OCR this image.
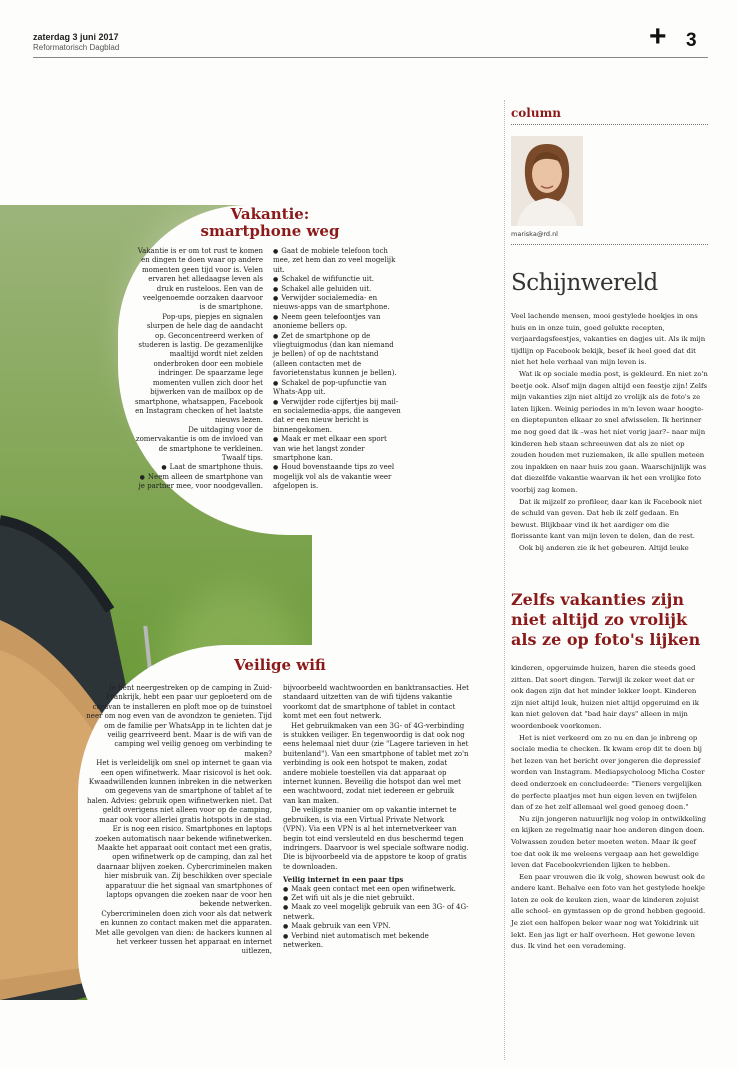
zaterdag 3 juni 2017
Reformatorisch Dagblad	+ 3
Vakantie: smartphone weg

Vakantie is er om tot rust te komen en dingen te doen waar op andere momenten geen tijd voor is. Velen ervaren het alledaagse leven als druk en rusteloos. Een van de veelgenoemde oorzaken daarvoor is de smartphone.

Pop-ups, piepjes en signalen slurpen de hele dag de aandacht op. Geconcentreerd werken of studeren is lastig. De gezamenlijke maaltijd wordt niet zelden onderbroken door een mobiele indringer. De spaarzame lege momenten vullen zich door het bijwerken van de mailbox op de smartphone, whatsappen, Facebook en Instagram checken of het laatste nieuws lezen.

De uitdaging voor de zomervakantie is om de invloed van de smartphone te verkleinen. Twaalf tips.

● Laat de smartphone thuis.

● Neem alleen de smartphone van je partner mee, voor noodgevallen.

● Gaat de mobiele telefoon toch mee, zet hem dan zo veel mogelijk uit.

● Schakel de wififunctie uit.

● Schakel alle geluiden uit.

● Verwijder socialemedia- en nieuws-apps van de smartphone.

● Neem geen telefoontjes van anonieme bellers op.

● Zet de smartphone op de vliegtuigmodus (dan kan niemand je bellen) of op de nachtstand (alleen contacten met de favorietenstatus kunnen je bellen).

● Schakel de pop-upfunctie van Whats-App uit.

● Verwijder rode cijfertjes bij mail- en socialemedia-apps, die aangeven dat er een nieuw bericht is binnengekomen.

● Maak er met elkaar een sport van wie het langst zonder smartphone kan.

● Houd bovenstaande tips zo veel mogelijk vol als de vakantie weer afgelopen is.

Veilige wifi

Je bent neergestreken op de camping in Zuid-Frankrijk, hebt een paar uur geploeterd om de caravan te installeren en ploft moe op de tuinstoel neer om nog even van de avondzon te genieten. Tijd om de familie per WhatsApp in te lichten dat je veilig gearriveerd bent. Maar is de wifi van de camping wel veilig genoeg om verbinding te maken?

Het is verleidelijk om snel op internet te gaan via een open wifinetwerk. Maar risicovol is het ook. Kwaadwillenden kunnen inbreken in die netwerken om gegevens van de smartphone of tablet af te halen. Advies: gebruik open wifinetwerken niet. Dat geldt overigens niet alleen voor op de camping, maar ook voor allerlei gratis hotspots in de stad.

Er is nog een risico. Smartphones en laptops zoeken automatisch naar bekende wifinetwerken. Maakte het apparaat ooit contact met een gratis, open wifinetwerk op de camping, dan zal het daarnaar blijven zoeken. Cybercriminelen maken hier misbruik van. Zij beschikken over speciale apparatuur die het signaal van smartphones of laptops opvangen die zoeken naar de voor hen bekende netwerken.

Cybercriminelen doen zich voor als dat netwerk en kunnen zo contact maken met die apparaten. Met alle gevolgen van dien: de hackers kunnen al het verkeer tussen het apparaat en internet uitlezen,

bijvoorbeeld wachtwoorden en banktransacties. Het standaard uitzetten van de wifi tijdens vakantie voorkomt dat de smartphone of tablet in contact komt met een fout netwerk.

Het gebruikmaken van een 3G- of 4G-verbinding is stukken veiliger. En tegenwoordig is dat ook nog eens helemaal niet duur (zie "Lagere tarieven in het buitenland"). Van een smartphone of tablet met zo'n verbinding is ook een hotspot te maken, zodat andere mobiele toestellen via dat apparaat op internet kunnen. Beveilig die hotspot dan wel met een wachtwoord, zodat niet iedereen er gebruik van kan maken.

De veiligste manier om op vakantie internet te gebruiken, is via een Virtual Private Network (VPN). Via een VPN is al het internetverkeer van begin tot eind versleuteld en dus beschermd tegen indringers. Daarvoor is wel speciale software nodig. Die is bijvoorbeeld via de appstore te koop of gratis te downloaden.

Veilig internet in een paar tips

● Maak geen contact met een open wifinetwerk.

● Zet wifi uit als je die niet gebruikt.

● Maak zo veel mogelijk gebruik van een 3G- of 4G-netwerk.

● Maak gebruik van een VPN.

● Verbind niet automatisch met bekende netwerken.

column
mariska@rd.nl
Schijnwereld

Veel lachende mensen, mooi gestylede hoekjes in ons huis en in onze tuin, goed gelukte recepten, verjaardagsfeestjes, vakanties en dagjes uit. Als ik mijn tijdlijn op Facebook bekijk, besef ik heel goed dat dit niet het hele verhaal van mijn leven is.

Wat ik op sociale media post, is gekleurd. En niet zo'n beetje ook. Alsof mijn dagen altijd een feestje zijn! Zelfs mijn vakanties zijn niet altijd zo vrolijk als de foto's ze laten lijken. Weinig periodes in m'n leven waar hoogte- en dieptepunten elkaar zo snel afwisselen. Ik herinner me nog goed dat ik –was het niet vorig jaar?– naar mijn kinderen heb staan schreeuwen dat als ze niet op zouden houden met ruziemaken, ik alle spullen meteen zou inpakken en naar huis zou gaan. Waarschijnlijk was dat diezelfde vakantie waarvan ik het een vrolijke foto voorbij zag komen.

Dat ik mijzelf zo profileer, daar kan ik Facebook niet de schuld van geven. Dat heb ik zelf gedaan. En bewust. Blijkbaar vind ik het aardiger om die florissante kant van mijn leven te delen, dan de rest.

Ook bij anderen zie ik het gebeuren. Altijd leuke

Zelfs vakanties zijn niet altijd zo vrolijk als ze op foto's lijken

kinderen, opgeruimde huizen, haren die steeds goed zitten. Dat soort dingen. Terwijl ik zeker weet dat er ook dagen zijn dat het minder lekker loopt. Kinderen zijn niet altijd leuk, huizen niet altijd opgeruimd en ik kan niet geloven dat "bad hair days" alleen in mijn woordenboek voorkomen.

Het is niet verkeerd om zo nu en dan je inbreng op sociale media te checken. Ik kwam erop dit te doen bij het lezen van het bericht over jongeren die depressief worden van Instagram. Mediapsycholoog Micha Coster deed onderzoek en concludeerde: "Tieners vergelijken de perfecte plaatjes met hun eigen leven en twijfelen dan of ze het zelf allemaal wel goed genoeg doen."

Nu zijn jongeren natuurlijk nog volop in ontwikkeling en kijken ze regelmatig naar hoe anderen dingen doen. Volwassen zouden beter moeten weten. Maar ik geef toe dat ook ik me weleens vergaap aan het geweldige leven dat Facebookvrienden lijken te hebben.

Een paar vrouwen die ik volg, showen bewust ook de andere kant. Behalve een foto van het gestylede hoekje laten ze ook de keuken zien, waar de kinderen zojuist alle school- en gymtassen op de grond hebben gegooid. Je ziet een halfopen beker waar nog wat Yokidrink uit lekt. Een jas ligt er half overheen. Het gewone leven dus. Ik vind het een verademing.
